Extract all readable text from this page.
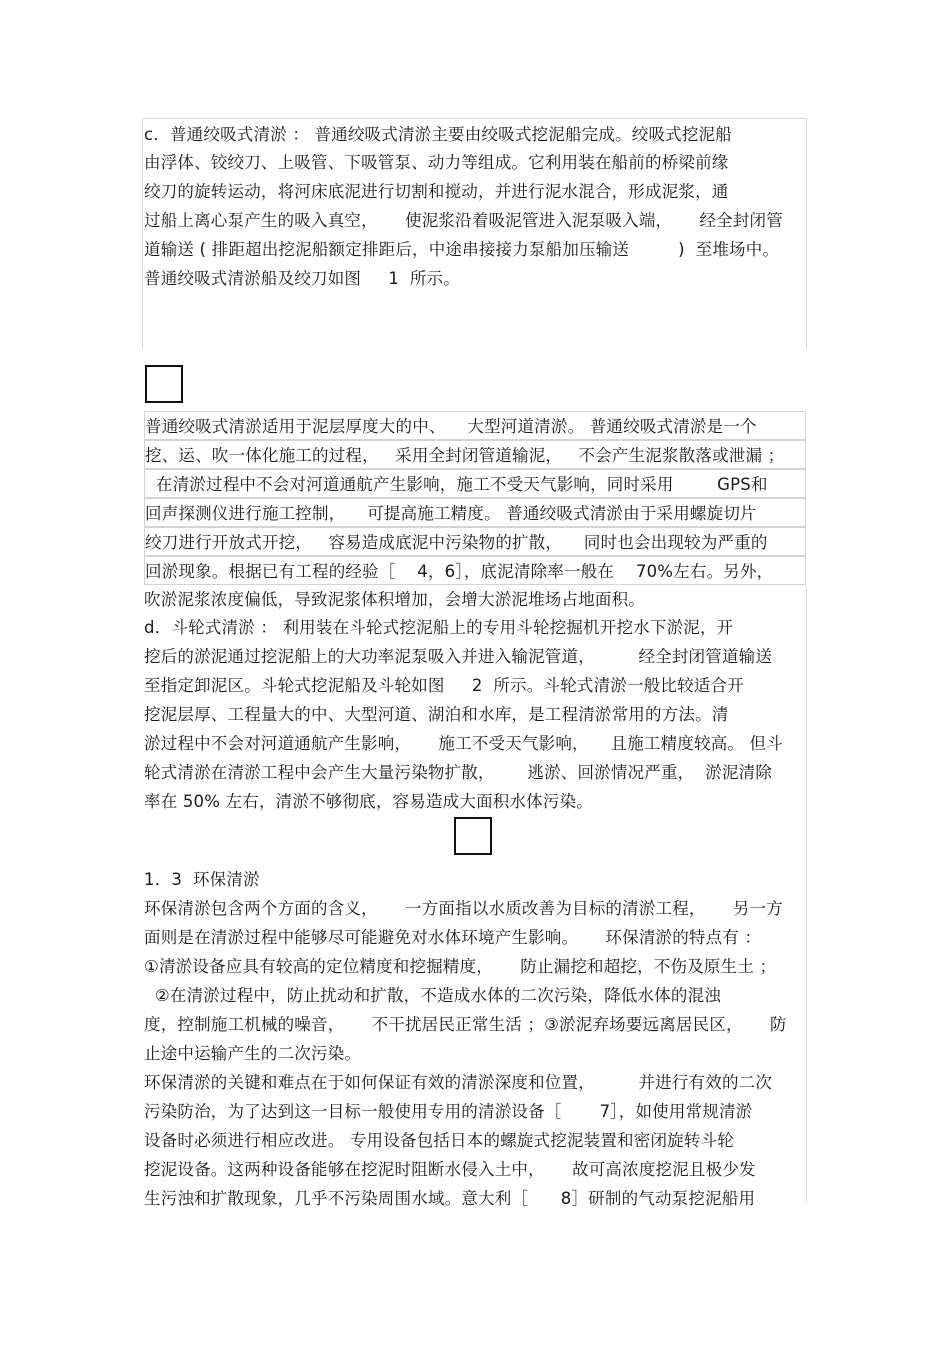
c．普通绞吸式清淤 ： 普通绞吸式清淤主要由绞吸式挖泥船完成。绞吸式挖泥船
由浮体、铰绞刀、上吸管、下吸管泵、动力等组成。它利用装在船前的桥梁前缘
绞刀的旋转运动，将河床底泥进行切割和搅动，并进行泥水混合，形成泥浆，通
过船上离心泵产生的吸入真空，     使泥浆沿着吸泥管进入泥泵吸入端，     经全封闭管
道输送 ( 排距超出挖泥船额定排距后，中途串接接力泵船加压输送         )  至堆场中。
普通绞吸式清淤船及绞刀如图     1  所示。
普通绞吸式清淤适用于泥层厚度大的中、    大型河道清淤。 普通绞吸式清淤是一个
挖、运、吹一体化施工的过程，   采用全封闭管道输泥，   不会产生泥浆散落或泄漏 ；
在清淤过程中不会对河道通航产生影响，施工不受天气影响，同时采用        GPS和
回声探测仪进行施工控制，    可提高施工精度。 普通绞吸式清淤由于采用螺旋切片
绞刀进行开放式开挖，   容易造成底泥中污染物的扩散，    同时也会出现较为严重的
回淤现象。根据已有工程的经验［    4，6］，底泥清除率一般在    70%左右。另外，
吹淤泥浆浓度偏低，导致泥浆体积增加，会增大淤泥堆场占地面积。
d．斗轮式清淤 ： 利用装在斗轮式挖泥船上的专用斗轮挖掘机开挖水下淤泥，开
挖后的淤泥通过挖泥船上的大功率泥泵吸入并进入输泥管道，        经全封闭管道输送
至指定卸泥区。斗轮式挖泥船及斗轮如图     2  所示。斗轮式清淤一般比较适合开
挖泥层厚、工程量大的中、大型河道、湖泊和水库，是工程清淤常用的方法。清
淤过程中不会对河道通航产生影响，     施工不受天气影响，    且施工精度较高。 但斗
轮式清淤在清淤工程中会产生大量污染物扩散，      逃淤、回淤情况严重，  淤泥清除
率在 50% 左右，清淤不够彻底，容易造成大面积水体污染。
1．3  环保清淤
环保清淤包含两个方面的含义，     一方面指以水质改善为目标的清淤工程，     另一方
面则是在清淤过程中能够尽可能避免对水体环境产生影响。     环保清淤的特点有 ：
①清淤设备应具有较高的定位精度和挖掘精度，     防止漏挖和超挖，不伤及原生土 ；
②在清淤过程中，防止扰动和扩散，不造成水体的二次污染，降低水体的混浊
度，控制施工机械的噪音，     不干扰居民正常生活 ；③淤泥弃场要远离居民区，     防
止途中运输产生的二次污染。
环保清淤的关键和难点在于如何保证有效的清淤深度和位置，        并进行有效的二次
污染防治，为了达到这一目标一般使用专用的清淤设备［       7］，如使用常规清淤
设备时必须进行相应改进。 专用设备包括日本的螺旋式挖泥装置和密闭旋转斗轮
挖泥设备。这两种设备能够在挖泥时阻断水侵入土中，     故可高浓度挖泥且极少发
生污浊和扩散现象，几乎不污染周围水域。意大利［      8］研制的气动泵挖泥船用
